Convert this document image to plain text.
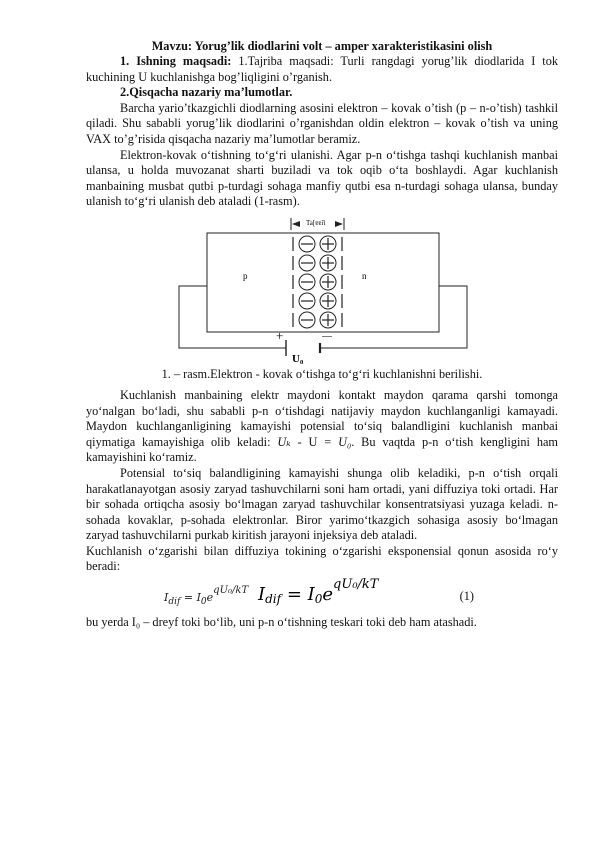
Mavzu: Yorug’lik diodlarini volt – amper xarakteristikasini olish

1. Ishning maqsadi: 1.Tajriba maqsadi: Turli rangdagi yorug’lik diodlarida I tok kuchining U kuchlanishga bog’liqligini o’rganish.

2.Qisqacha nazariy ma’lumotlar.

Barcha yario’tkazgichli diodlarning asosini elektron – kovak o’tish (p – n-o’tish) tashkil qiladi. Shu sababli yorug’lik diodlarini o’rganishdan oldin elektron – kovak o’tish va uning VAX to’g’risida qisqacha nazariy ma’lumotlar beramiz.

Elektron-kovak o‘tishning to‘g‘ri ulanishi. Agar p-n o‘tishga tashqi kuchlanish manbai ulansa, u holda muvozanat sharti buziladi va tok oqib o‘ta boshlaydi. Agar kuchlanish manbaining musbat qutbi p-turdagi sohaga manfiy qutbi esa n-turdagi sohaga ulansa, bunday ulanish to‘g‘ri ulanish deb ataladi (1-rasm).

Ta[ɐɐ̃ɾi
p	n
+	—
U₀
1. – rasm.Elektron - kovak o‘tishga to‘g‘ri kuchlanishni berilishi.

Kuchlanish manbaining elektr maydoni kontakt maydon qarama qarshi tomonga yo‘nalgan bo‘ladi, shu sababli p-n o‘tishdagi natijaviy maydon kuchlanganligi kamayadi. Maydon kuchlanganligining kamayishi potensial to‘siq balandligini kuchlanish manbai qiymatiga kamayishiga olib keladi: Uₖ - U = U₀. Bu vaqtda p-n o‘tish kengligini ham kamayishini ko‘ramiz.

Potensial to‘siq balandligining kamayishi shunga olib keladiki, p-n o‘tish orqali harakatlanayotgan asosiy zaryad tashuvchilarni soni ham ortadi, yani diffuziya toki ortadi. Har bir sohada ortiqcha asosiy bo‘lmagan zaryad tashuvchilar konsentratsiyasi yuzaga keladi. n-sohada kovaklar, p-sohada elektronlar. Biror yarimo‘tkazgich sohasiga asosiy bo‘lmagan zaryad tashuvchilarni purkab kiritish jarayoni injeksiya deb ataladi.

Kuchlanish o‘zgarishi bilan diffuziya tokining o‘zgarishi eksponensial qonun asosida ro‘y beradi:

$I_{dif} = I_0eqU_0/kT$ $I_{dif} = I_0e^{qU_0/kT}$
(1)

bu yerda I₀ – dreyf toki bo‘lib, uni p-n o‘tishning teskari toki deb ham atashadi.
